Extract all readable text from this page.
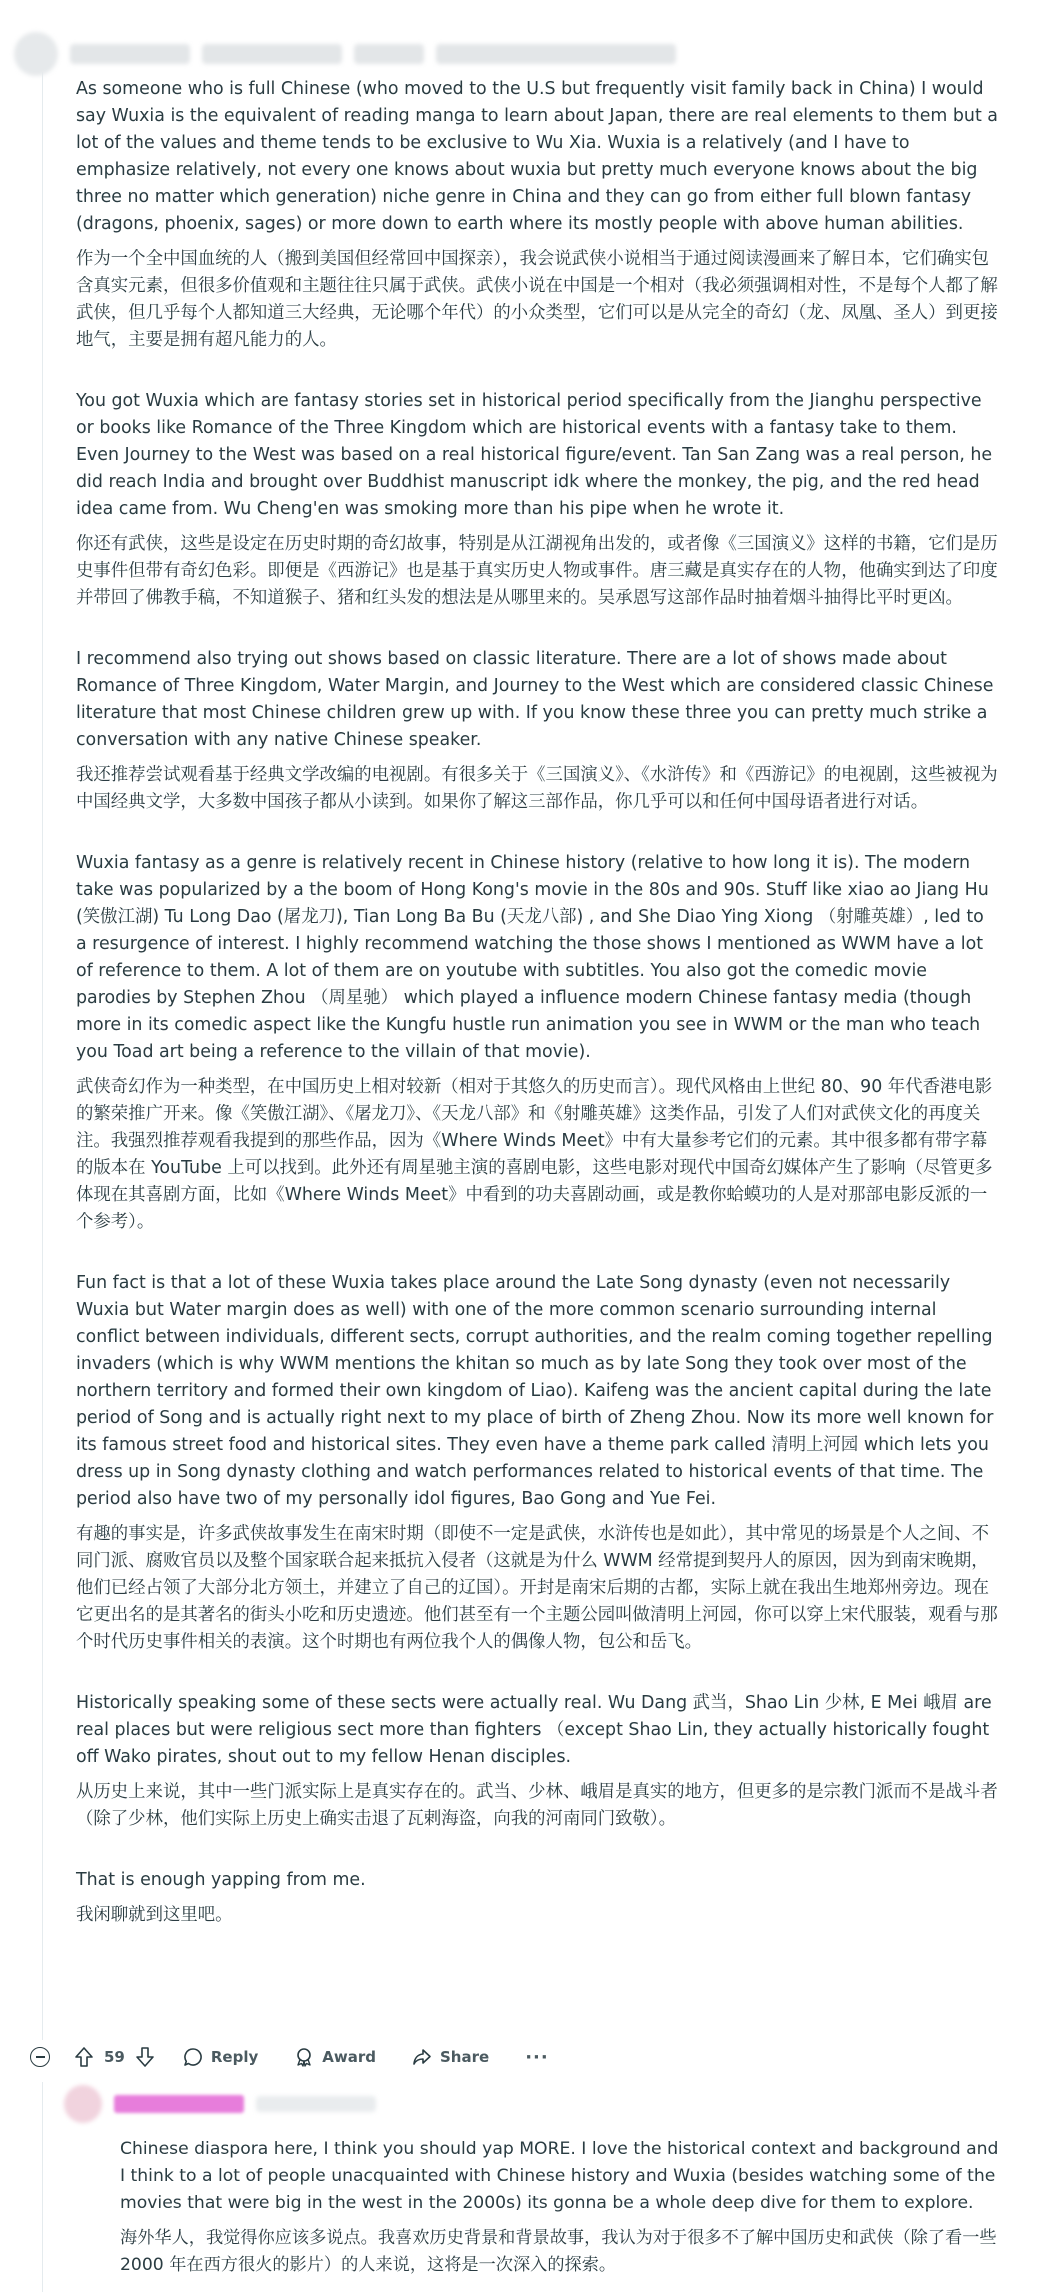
As someone who is full Chinese (who moved to the U.S but frequently visit family back in China) I would say Wuxia is the equivalent of reading manga to learn about Japan, there are real elements to them but a lot of the values and theme tends to be exclusive to Wu Xia. Wuxia is a relatively (and I have to emphasize relatively, not every one knows about wuxia but pretty much everyone knows about the big three no matter which generation) niche genre in China and they can go from either full blown fantasy (dragons, phoenix, sages) or more down to earth where its mostly people with above human abilities.

作为一个全中国血统的人（搬到美国但经常回中国探亲），我会说武侠小说相当于通过阅读漫画来了解日本，它们确实包含真实元素，但很多价值观和主题往往只属于武侠。武侠小说在中国是一个相对（我必须强调相对性，不是每个人都了解武侠，但几乎每个人都知道三大经典，无论哪个年代）的小众类型，它们可以是从完全的奇幻（龙、凤凰、圣人）到更接地气，主要是拥有超凡能力的人。

You got Wuxia which are fantasy stories set in historical period specifically from the Jianghu perspective or books like Romance of the Three Kingdom which are historical events with a fantasy take to them. Even Journey to the West was based on a real historical figure/event. Tan San Zang was a real person, he did reach India and brought over Buddhist manuscript idk where the monkey, the pig, and the red head idea came from. Wu Cheng'en was smoking more than his pipe when he wrote it.

你还有武侠，这些是设定在历史时期的奇幻故事，特别是从江湖视角出发的，或者像《三国演义》这样的书籍，它们是历史事件但带有奇幻色彩。即便是《西游记》也是基于真实历史人物或事件。唐三藏是真实存在的人物，他确实到达了印度并带回了佛教手稿，不知道猴子、猪和红头发的想法是从哪里来的。吴承恩写这部作品时抽着烟斗抽得比平时更凶。

I recommend also trying out shows based on classic literature. There are a lot of shows made about Romance of Three Kingdom, Water Margin, and Journey to the West which are considered classic Chinese literature that most Chinese children grew up with. If you know these three you can pretty much strike a conversation with any native Chinese speaker.

我还推荐尝试观看基于经典文学改编的电视剧。有很多关于《三国演义》、《水浒传》和《西游记》的电视剧，这些被视为中国经典文学，大多数中国孩子都从小读到。如果你了解这三部作品，你几乎可以和任何中国母语者进行对话。

Wuxia fantasy as a genre is relatively recent in Chinese history (relative to how long it is). The modern take was popularized by a the boom of Hong Kong's movie in the 80s and 90s. Stuff like xiao ao Jiang Hu (笑傲江湖) Tu Long Dao (屠龙刀), Tian Long Ba Bu (天龙八部) , and She Diao Ying Xiong （射雕英雄）, led to a resurgence of interest. I highly recommend watching the those shows I mentioned as WWM have a lot of reference to them. A lot of them are on youtube with subtitles. You also got the comedic movie parodies by Stephen Zhou （周星驰） which played a influence modern Chinese fantasy media (though more in its comedic aspect like the Kungfu hustle run animation you see in WWM or the man who teach you Toad art being a reference to the villain of that movie).

武侠奇幻作为一种类型，在中国历史上相对较新（相对于其悠久的历史而言）。现代风格由上世纪 80、90 年代香港电影的繁荣推广开来。像《笑傲江湖》、《屠龙刀》、《天龙八部》和《射雕英雄》这类作品，引发了人们对武侠文化的再度关注。我强烈推荐观看我提到的那些作品，因为《Where Winds Meet》中有大量参考它们的元素。其中很多都有带字幕的版本在 YouTube 上可以找到。此外还有周星驰主演的喜剧电影，这些电影对现代中国奇幻媒体产生了影响（尽管更多体现在其喜剧方面，比如《Where Winds Meet》中看到的功夫喜剧动画，或是教你蛤蟆功的人是对那部电影反派的一个参考）。

Fun fact is that a lot of these Wuxia takes place around the Late Song dynasty (even not necessarily Wuxia but Water margin does as well) with one of the more common scenario surrounding internal conflict between individuals, different sects, corrupt authorities, and the realm coming together repelling invaders (which is why WWM mentions the khitan so much as by late Song they took over most of the northern territory and formed their own kingdom of Liao). Kaifeng was the ancient capital during the late period of Song and is actually right next to my place of birth of Zheng Zhou. Now its more well known for its famous street food and historical sites. They even have a theme park called 清明上河园 which lets you dress up in Song dynasty clothing and watch performances related to historical events of that time. The period also have two of my personally idol figures, Bao Gong and Yue Fei.

有趣的事实是，许多武侠故事发生在南宋时期（即使不一定是武侠，水浒传也是如此），其中常见的场景是个人之间、不同门派、腐败官员以及整个国家联合起来抵抗入侵者（这就是为什么 WWM 经常提到契丹人的原因，因为到南宋晚期，他们已经占领了大部分北方领土，并建立了自己的辽国）。开封是南宋后期的古都，实际上就在我出生地郑州旁边。现在它更出名的是其著名的街头小吃和历史遗迹。他们甚至有一个主题公园叫做清明上河园，你可以穿上宋代服装，观看与那个时代历史事件相关的表演。这个时期也有两位我个人的偶像人物，包公和岳飞。

Historically speaking some of these sects were actually real. Wu Dang 武当，Shao Lin 少林, E Mei 峨眉 are real places but were religious sect more than fighters （except Shao Lin, they actually historically fought off Wako pirates, shout out to my fellow Henan disciples.

从历史上来说，其中一些门派实际上是真实存在的。武当、少林、峨眉是真实的地方，但更多的是宗教门派而不是战斗者（除了少林，他们实际上历史上确实击退了瓦剌海盗，向我的河南同门致敬）。

That is enough yapping from me.

我闲聊就到这里吧。

59	Reply	Award	Share ···

Chinese diaspora here, I think you should yap MORE. I love the historical context and background and I think to a lot of people unacquainted with Chinese history and Wuxia (besides watching some of the movies that were big in the west in the 2000s) its gonna be a whole deep dive for them to explore.

海外华人，我觉得你应该多说点。我喜欢历史背景和背景故事，我认为对于很多不了解中国历史和武侠（除了看一些 2000 年在西方很火的影片）的人来说，这将是一次深入的探索。
